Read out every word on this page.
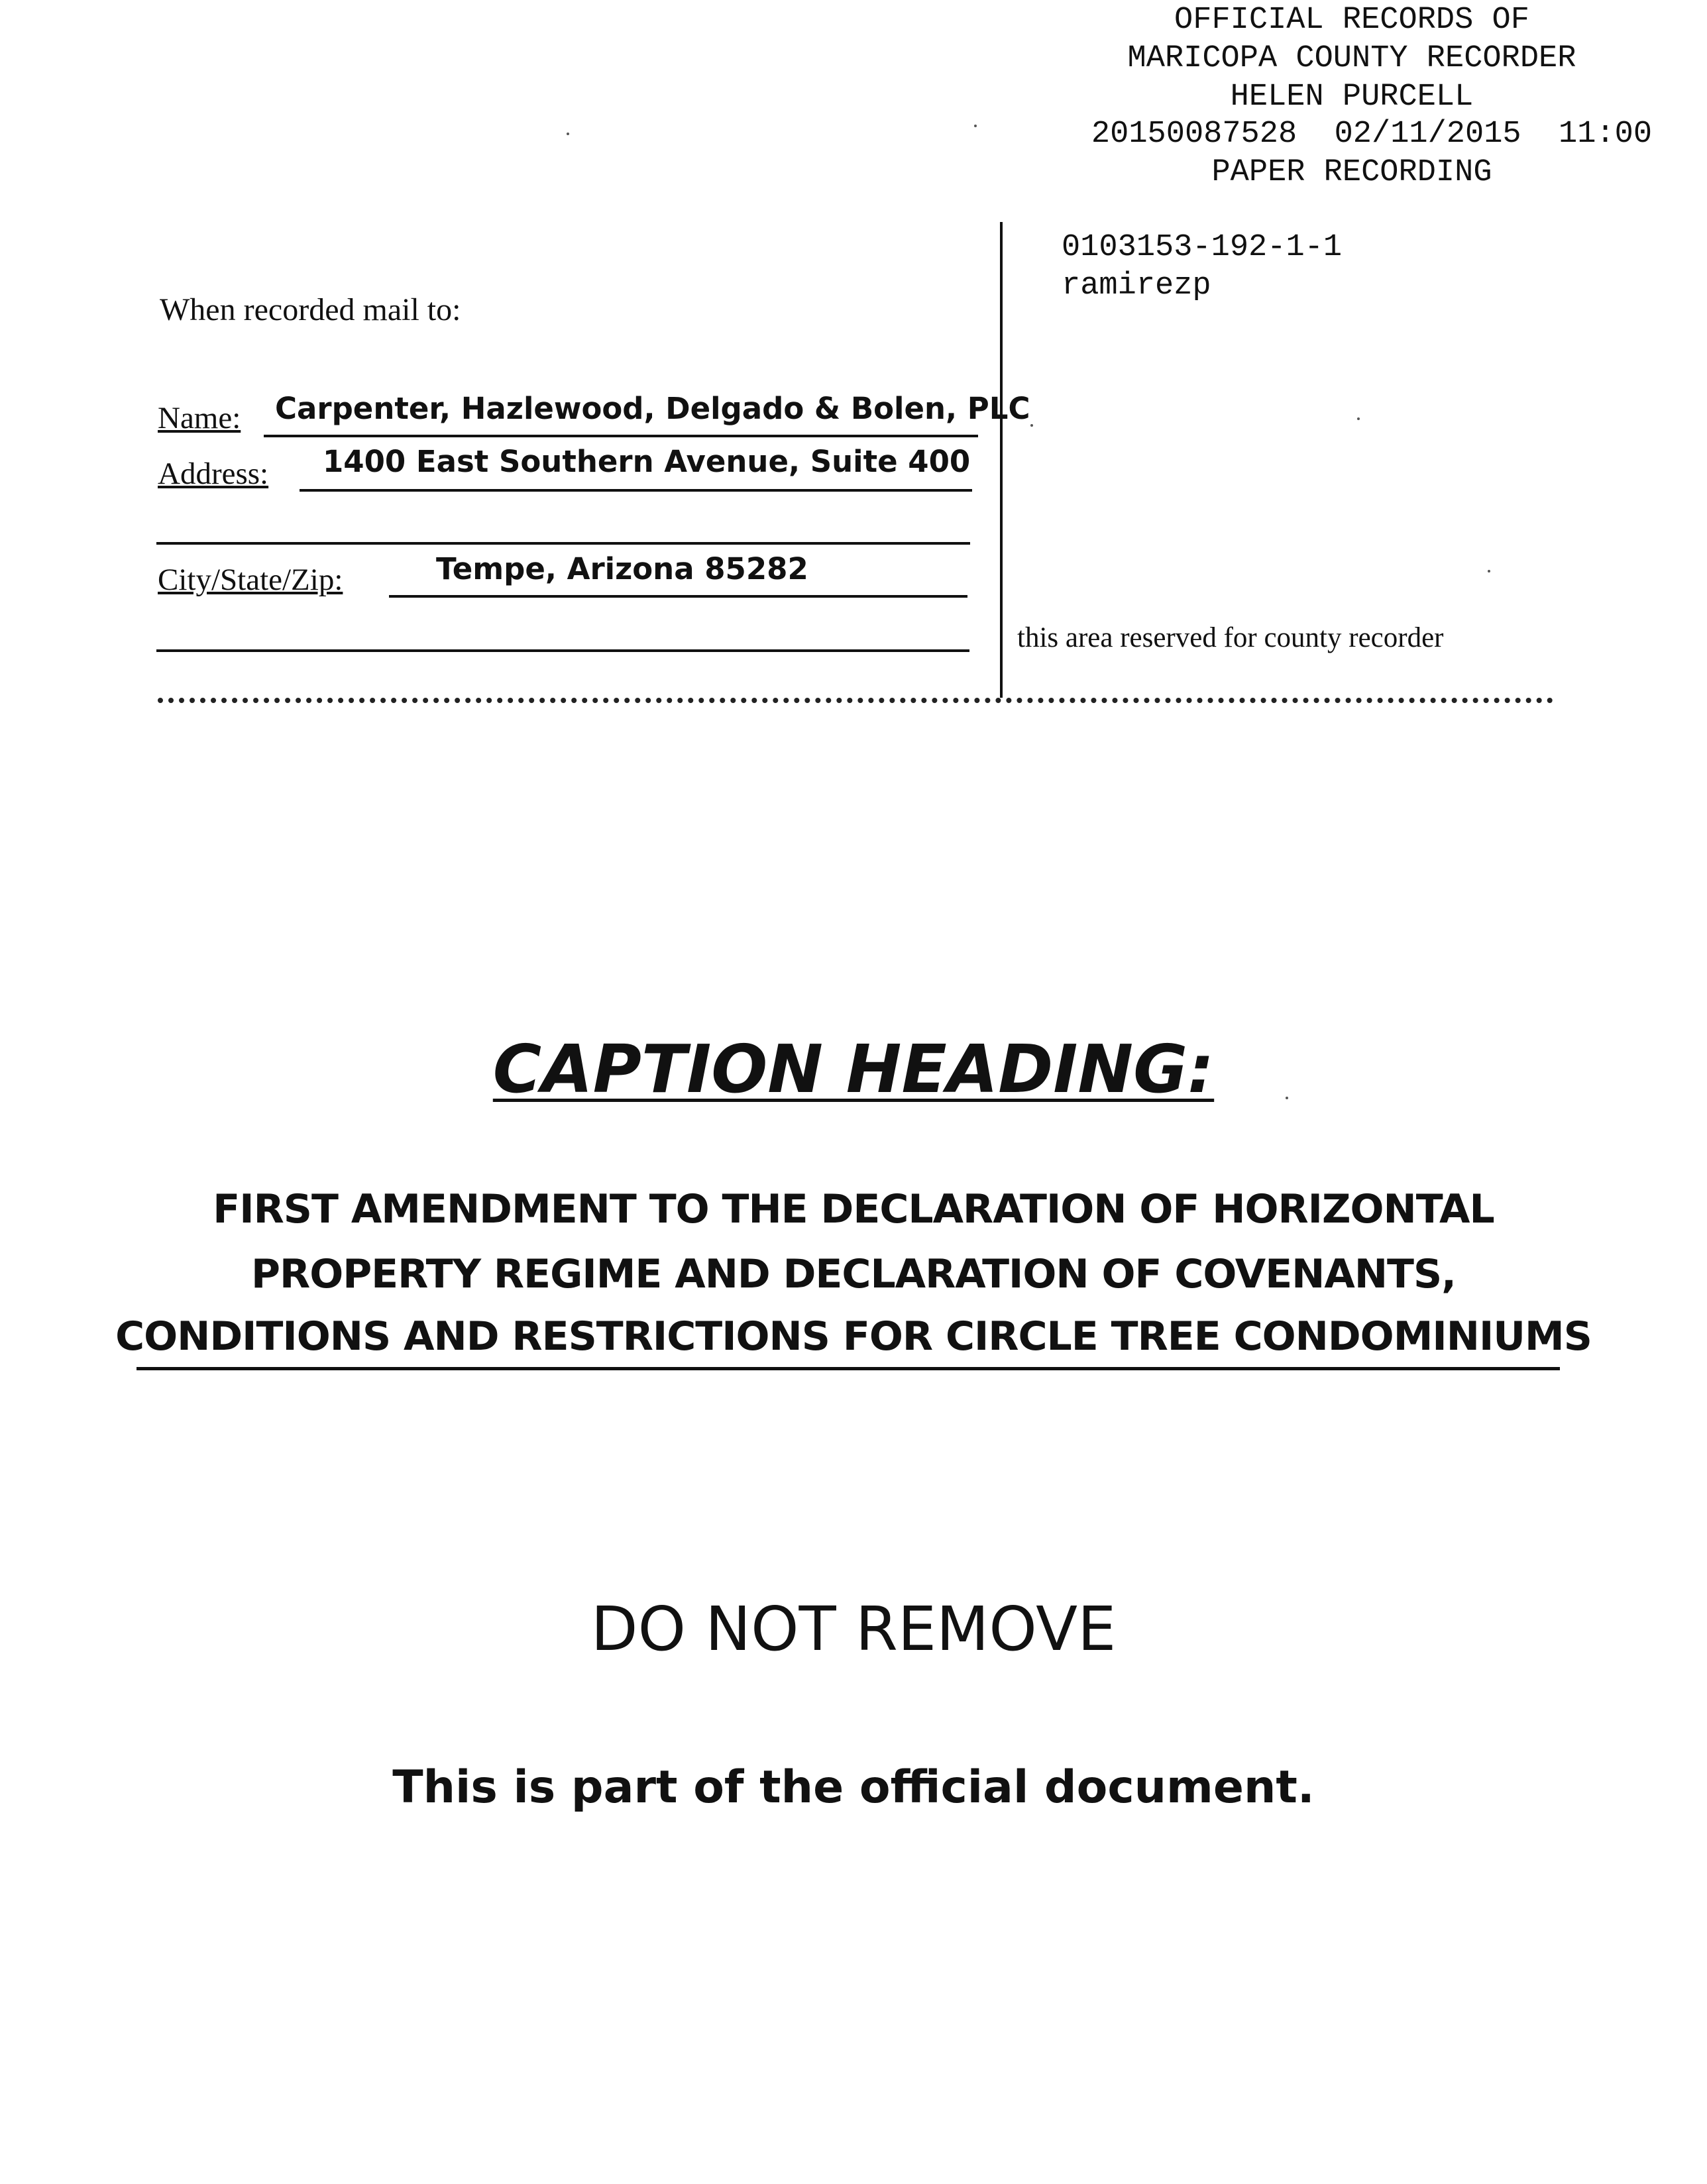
OFFICIAL RECORDS OF
MARICOPA COUNTY RECORDER
HELEN PURCELL
20150087528  02/11/2015  11:00
PAPER RECORDING
0103153-192-1-1
ramirezp
When recorded mail to:
Name: Carpenter, Hazlewood, Delgado & Bolen, PLC
Address: 1400 East Southern Avenue, Suite 400
City/State/Zip:	Tempe, Arizona 85282
this area reserved for county recorder
CAPTION HEADING:
FIRST AMENDMENT TO THE DECLARATION OF HORIZONTAL
PROPERTY REGIME AND DECLARATION OF COVENANTS,
CONDITIONS AND RESTRICTIONS FOR CIRCLE TREE CONDOMINIUMS
DO NOT REMOVE
This is part of the official document.
